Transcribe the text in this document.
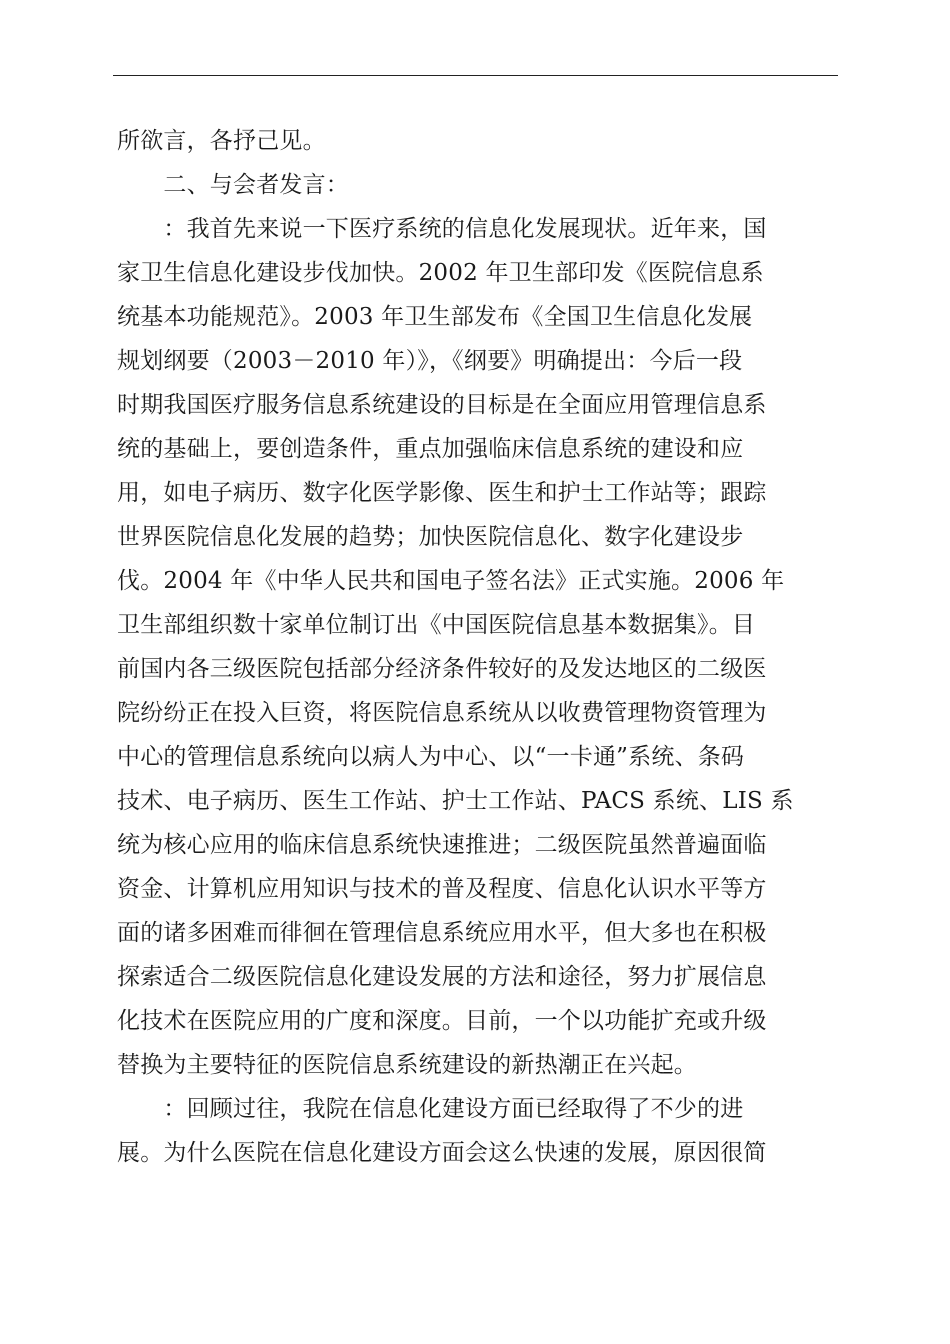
所欲言，各抒己见。
　　二、与会者发言：
　　：我首先来说一下医疗系统的信息化发展现状。近年来，国
家卫生信息化建设步伐加快。2002 年卫生部印发《医院信息系
统基本功能规范》。2003 年卫生部发布《全国卫生信息化发展
规划纲要（2003－2010 年）》，《纲要》明确提出：今后一段
时期我国医疗服务信息系统建设的目标是在全面应用管理信息系
统的基础上，要创造条件，重点加强临床信息系统的建设和应
用，如电子病历、数字化医学影像、医生和护士工作站等；跟踪
世界医院信息化发展的趋势；加快医院信息化、数字化建设步
伐。2004 年《中华人民共和国电子签名法》正式实施。2006 年
卫生部组织数十家单位制订出《中国医院信息基本数据集》。目
前国内各三级医院包括部分经济条件较好的及发达地区的二级医
院纷纷正在投入巨资，将医院信息系统从以收费管理物资管理为
中心的管理信息系统向以病人为中心、以“一卡通”系统、条码
技术、电子病历、医生工作站、护士工作站、PACS 系统、LIS 系
统为核心应用的临床信息系统快速推进；二级医院虽然普遍面临
资金、计算机应用知识与技术的普及程度、信息化认识水平等方
面的诸多困难而徘徊在管理信息系统应用水平，但大多也在积极
探索适合二级医院信息化建设发展的方法和途径，努力扩展信息
化技术在医院应用的广度和深度。目前，一个以功能扩充或升级
替换为主要特征的医院信息系统建设的新热潮正在兴起。
　　：回顾过往，我院在信息化建设方面已经取得了不少的进
展。为什么医院在信息化建设方面会这么快速的发展，原因很简
